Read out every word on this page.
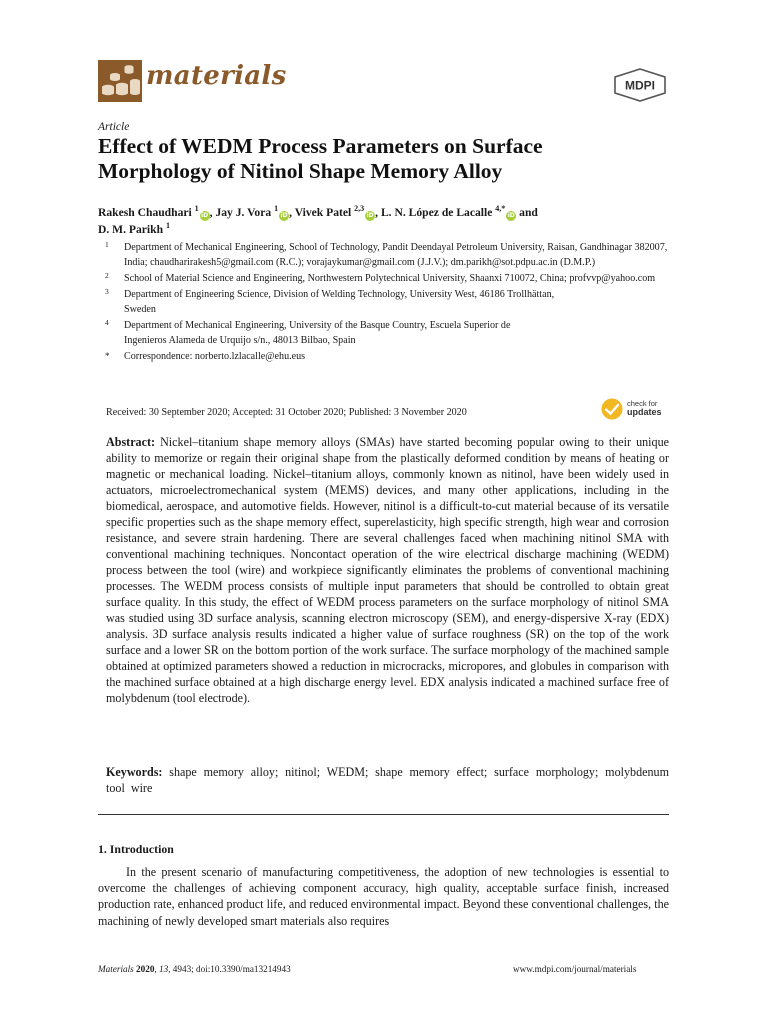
materials	MDPI
Article
Effect of WEDM Process Parameters on Surface Morphology of Nitinol Shape Memory Alloy

Rakesh Chaudhari $^1$iD, Jay J. Vora $^1$iD, Vivek Patel $^{2,3}$iD, L. N. López de Lacalle $^{4,*}$iD and
D. M. Parikh $^1$

1 Department of Mechanical Engineering, School of Technology, Pandit Deendayal Petroleum University, Raisan, Gandhinagar 382007, India; chaudharirakesh5@gmail.com (R.C.); vorajaykumar@gmail.com (J.J.V.); dm.parikh@sot.pdpu.ac.in (D.M.P.)
2 School of Material Science and Engineering, Northwestern Polytechnical University, Shaanxi 710072, China; profvvp@yahoo.com
3 Department of Engineering Science, Division of Welding Technology, University West, 46186 Trollhättan, Sweden
4 Department of Mechanical Engineering, University of the Basque Country, Escuela Superior de Ingenieros Alameda de Urquijo s/n., 48013 Bilbao, Spain
* Correspondence: norberto.lzlacalle@ehu.eus
Received: 30 September 2020; Accepted: 31 October 2020; Published: 3 November 2020
check for
updates

Abstract: Nickel–titanium shape memory alloys (SMAs) have started becoming popular owing to their unique ability to memorize or regain their original shape from the plastically deformed condition by means of heating or magnetic or mechanical loading. Nickel–titanium alloys, commonly known as nitinol, have been widely used in actuators, microelectromechanical system (MEMS) devices, and many other applications, including in the biomedical, aerospace, and automotive fields. However, nitinol is a difficult-to-cut material because of its versatile specific properties such as the shape memory effect, superelasticity, high specific strength, high wear and corrosion resistance, and severe strain hardening. There are several challenges faced when machining nitinol SMA with conventional machining techniques. Noncontact operation of the wire electrical discharge machining (WEDM) process between the tool (wire) and workpiece significantly eliminates the problems of conventional machining processes. The WEDM process consists of multiple input parameters that should be controlled to obtain great surface quality. In this study, the effect of WEDM process parameters on the surface morphology of nitinol SMA was studied using 3D surface analysis, scanning electron microscopy (SEM), and energy-dispersive X-ray (EDX) analysis. 3D surface analysis results indicated a higher value of surface roughness (SR) on the top of the work surface and a lower SR on the bottom portion of the work surface. The surface morphology of the machined sample obtained at optimized parameters showed a reduction in microcracks, micropores, and globules in comparison with the machined surface obtained at a high discharge energy level. EDX analysis indicated a machined surface free of molybdenum (tool electrode).

Keywords: shape memory alloy; nitinol; WEDM; shape memory effect; surface morphology; molybdenum tool wire

1. Introduction

In the present scenario of manufacturing competitiveness, the adoption of new technologies is essential to overcome the challenges of achieving component accuracy, high quality, acceptable surface finish, increased production rate, enhanced product life, and reduced environmental impact. Beyond these conventional challenges, the machining of newly developed smart materials also requires

Materials 2020, 13, 4943; doi:10.3390/ma13214943	www.mdpi.com/journal/materials
